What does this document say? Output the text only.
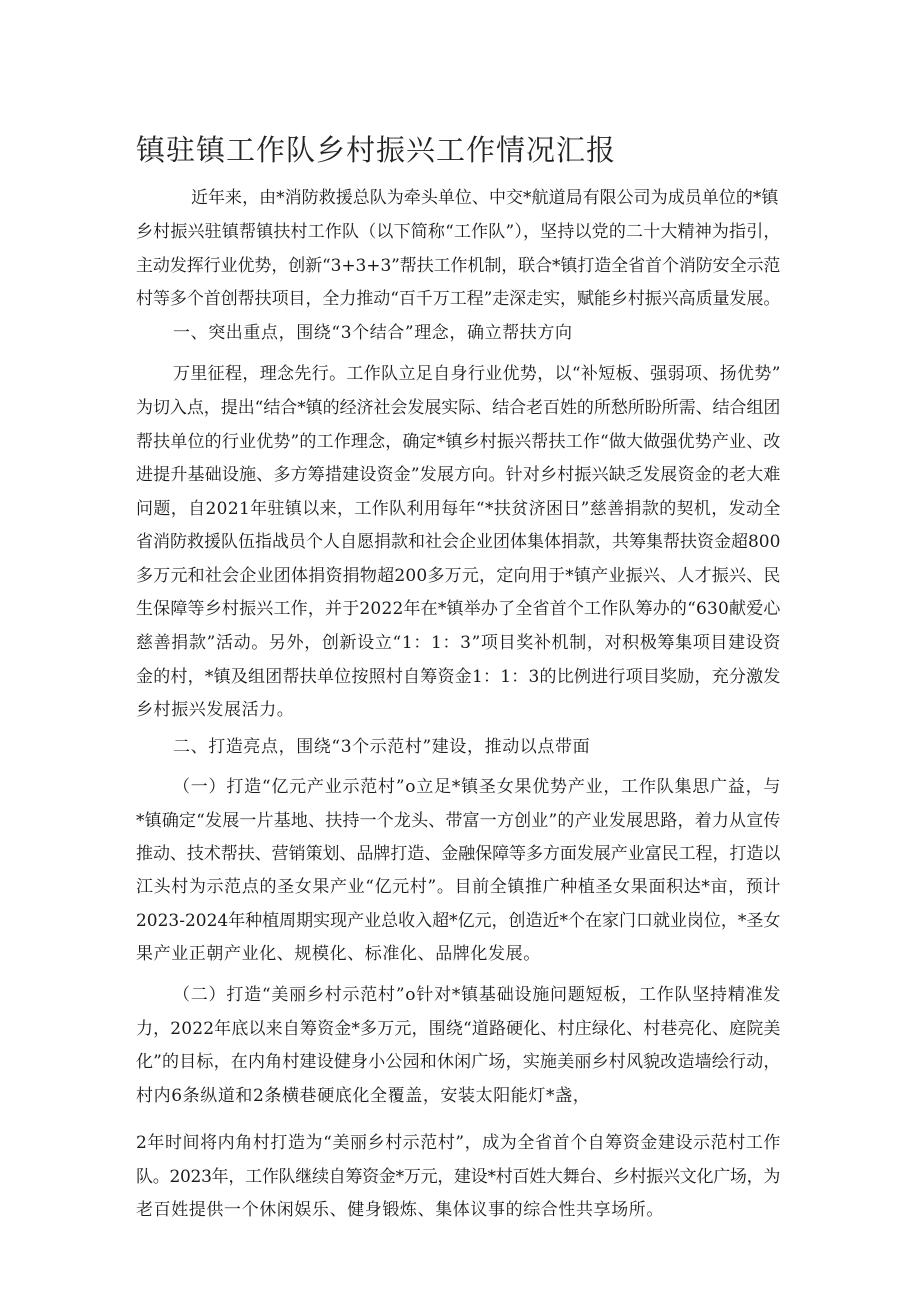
镇驻镇工作队乡村振兴工作情况汇报
近年来，由*消防救援总队为牵头单位、中交*航道局有限公司为成员单位的*镇
乡村振兴驻镇帮镇扶村工作队（以下简称“工作队”），坚持以党的二十大精神为指引，
主动发挥行业优势，创新“3+3+3”帮扶工作机制，联合*镇打造全省首个消防安全示范
村等多个首创帮扶项目，全力推动“百千万工程”走深走实，赋能乡村振兴高质量发展。
一、突出重点，围绕“3个结合”理念，确立帮扶方向
万里征程，理念先行。工作队立足自身行业优势，以“补短板、强弱项、扬优势”
为切入点，提出“结合*镇的经济社会发展实际、结合老百姓的所愁所盼所需、结合组团
帮扶单位的行业优势”的工作理念，确定*镇乡村振兴帮扶工作“做大做强优势产业、改
进提升基础设施、多方筹措建设资金”发展方向。针对乡村振兴缺乏发展资金的老大难
问题，自2021年驻镇以来，工作队利用每年“*扶贫济困日”慈善捐款的契机，发动全
省消防救援队伍指战员个人自愿捐款和社会企业团体集体捐款，共筹集帮扶资金超800
多万元和社会企业团体捐资捐物超200多万元，定向用于*镇产业振兴、人才振兴、民
生保障等乡村振兴工作，并于2022年在*镇举办了全省首个工作队筹办的“630献爱心
慈善捐款”活动。另外，创新设立“1：1：3”项目奖补机制，对积极筹集项目建设资
金的村，*镇及组团帮扶单位按照村自筹资金1：1：3的比例进行项目奖励，充分激发
乡村振兴发展活力。
二、打造亮点，围绕“3个示范村”建设，推动以点带面
（一）打造“亿元产业示范村”o立足*镇圣女果优势产业，工作队集思广益，与
*镇确定“发展一片基地、扶持一个龙头、带富一方创业”的产业发展思路，着力从宣传
推动、技术帮扶、营销策划、品牌打造、金融保障等多方面发展产业富民工程，打造以
江头村为示范点的圣女果产业“亿元村”。目前全镇推广种植圣女果面积达*亩，预计
2023-2024年种植周期实现产业总收入超*亿元，创造近*个在家门口就业岗位，*圣女
果产业正朝产业化、规模化、标准化、品牌化发展。
（二）打造“美丽乡村示范村”o针对*镇基础设施问题短板，工作队坚持精准发
力，2022年底以来自筹资金*多万元，围绕“道路硬化、村庄绿化、村巷亮化、庭院美
化”的目标，在内角村建设健身小公园和休闲广场，实施美丽乡村风貌改造墙绘行动，
村内6条纵道和2条横巷硬底化全覆盖，安装太阳能灯*盏，
2年时间将内角村打造为“美丽乡村示范村”，成为全省首个自筹资金建设示范村工作
队。2023年，工作队继续自筹资金*万元，建设*村百姓大舞台、乡村振兴文化广场，为
老百姓提供一个休闲娱乐、健身锻炼、集体议事的综合性共享场所。
